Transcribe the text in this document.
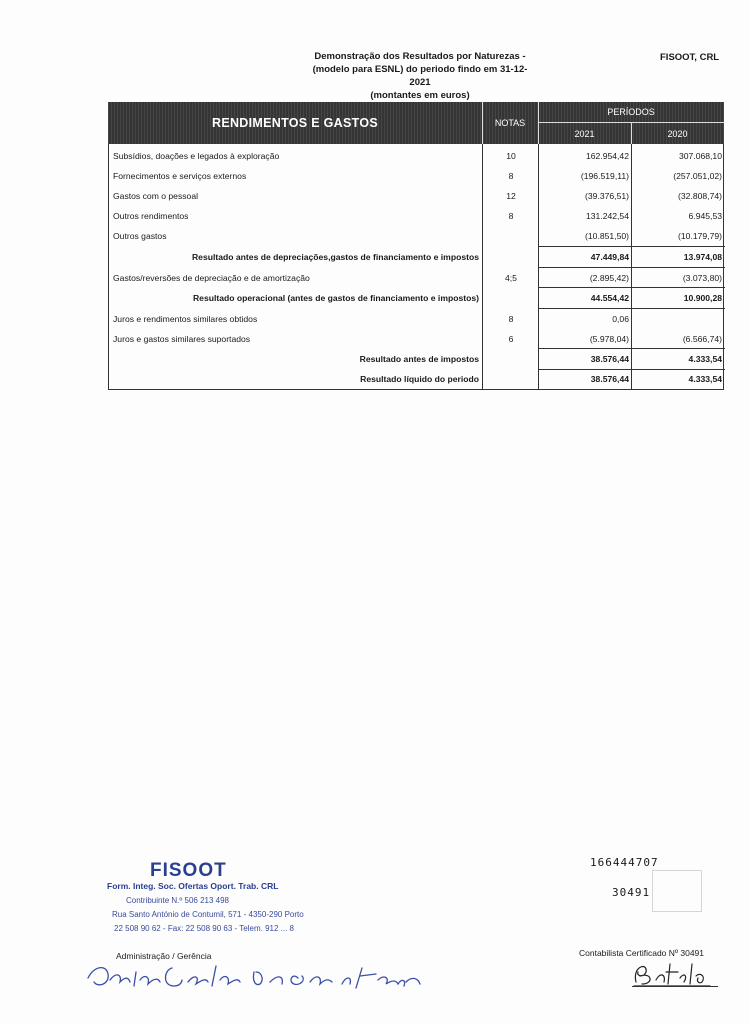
Demonstração dos Resultados por Naturezas -
(modelo para ESNL) do periodo findo em 31-12-
2021
(montantes em euros)
FISOOT, CRL
RENDIMENTOS E GASTOS	NOTAS
PERÍODOS
2021	2020
Subsídios, doações e legados à exploração	10	162.954,42	307.068,10
Fornecimentos e serviços externos	8	(196.519,11)	(257.051,02)
Gastos com o pessoal	12	(39.376,51)	(32.808,74)
Outros rendimentos	8	131.242,54	6.945,53
Outros gastos	(10.851,50)	(10.179,79)
Resultado antes de depreciações,gastos de financiamento e impostos	47.449,84	13.974,08
Gastos/reversões de depreciação e de amortização	4;5	(2.895,42)	(3.073,80)
Resultado operacional (antes de gastos de financiamento e impostos)	44.554,42	10.900,28
Juros e rendimentos similares obtidos	8	0,06
Juros e gastos similares suportados	6	(5.978,04)	(6.566,74)
Resultado antes de impostos	38.576,44	4.333,54
Resultado líquido do periodo	38.576,44	4.333,54
FISOOT
Form. Integ. Soc. Ofertas Oport. Trab. CRL
Contribuinte N.º 506 213 498
Rua Santo António de Contumil, 571 - 4350-290 Porto
22 508 90 62 - Fax: 22 508 90 63 - Telem. 912 ... 8
Administração / Gerência
166444707
30491
Contabilista Certificado Nº 30491
